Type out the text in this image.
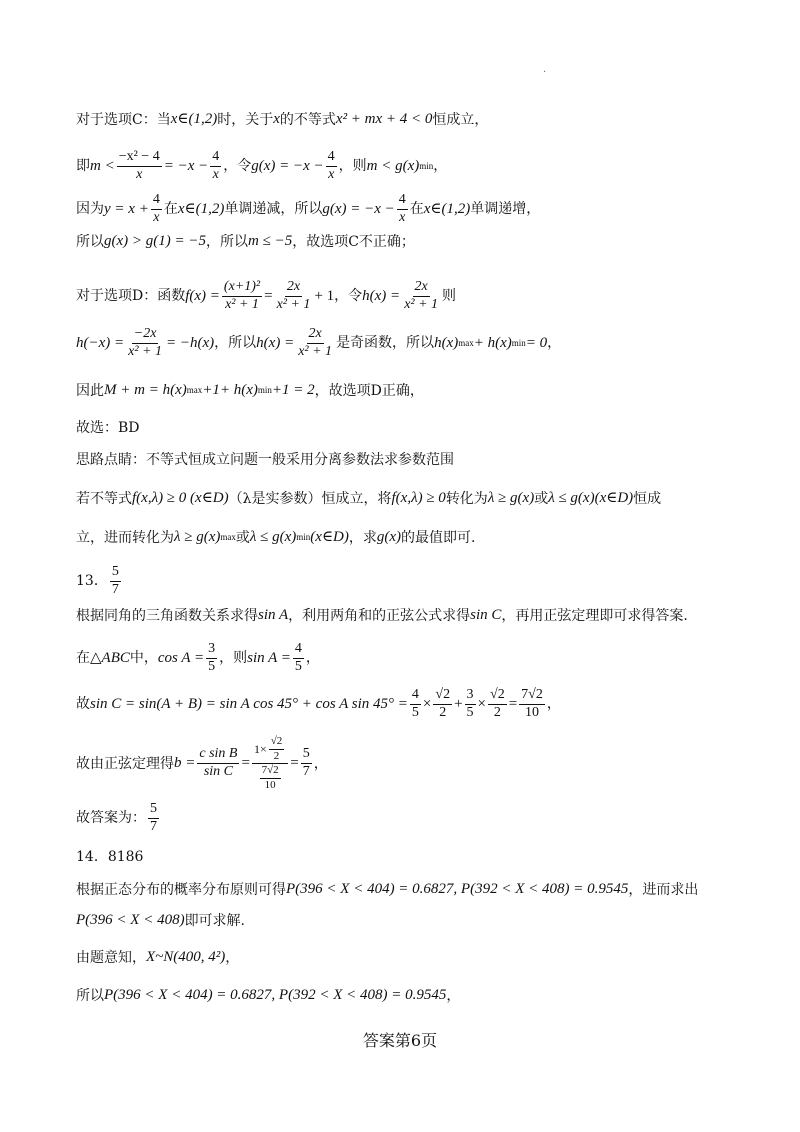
.
对于选项C：当 x∈(1,2) 时，关于 x 的不等式 x² + mx + 4 < 0 恒成立，
即 $m < \frac{\text{−x² − 4}}{x} = -x - \frac{4}{x}$ ，令 $g(x) = -x - \frac{4}{x}$ ，则 m < g(x) min ，
因为 $y = x + \frac{4}{x}$ 在 x∈(1,2) 单调递减，所以 $g(x) = -x - \frac{4}{x}$ 在 x∈(1,2) 单调递增，
所以 g(x) > g(1) = −5 ，所以 m ≤ −5 ，故选项C不正确；
对于选项D：函数 $f(x) = \frac{\text{(x+1)²}}{\text{x² + 1}} = \frac{2x}{\text{x² + 1}} + 1$ ，令 $h(x) = \frac{2x}{\text{x² + 1}}$ 则
$h(-x) = \frac{-2x}{\text{x² + 1}} = -h(x)$ ，所以 $h(x) = \frac{2x}{\text{x² + 1}}$ 是奇函数，所以 h(x) max + h(x) min = 0 ，
因此 M + m = h(x) max +1+ h(x) min +1 = 2 ，故选项D正确，
故选：BD
思路点睛：不等式恒成立问题一般采用分离参数法求参数范围
若不等式 f(x,λ) ≥ 0 (x∈D) （λ是实参数）恒成立，将 f(x,λ) ≥ 0 转化为 λ ≥ g(x) 或 λ ≤ g(x)(x∈D) 恒成
立，进而转化为 λ ≥ g(x) max 或 λ ≤ g(x) min (x∈D) ，求 g(x) 的最值即可.
13． $\frac{5}{7}$
根据同角的三角函数关系求得 sin A ，利用两角和的正弦公式求得 sin C ，再用正弦定理即可求得答案.
在 △ABC 中， $\cos A = \frac{3}{5}$ ，则 $\sin A = \frac{4}{5}$ ，
故 sin C = sin(A + B) = sin A cos 45° + cos A $\sin 45^\circ = \frac{4}{5} \times \frac{√2}{2} + \frac{3}{5} \times \frac{√2}{2} = \frac{7√2}{10}$ ，
故由正弦定理得 $b = \frac{\text{c sin B}}{\text{sin C}} = \frac{1\times \frac{√2}{2}}{\frac{7√2}{10}} = \frac{5}{7}$ ，
故答案为： $\frac{5}{7}$
14．8186
根据正态分布的概率分布原则可得 P(396 < X < 404) = 0.6827, P(392 < X < 408) = 0.9545 ，进而求出
P(396 < X < 408) 即可求解.
由题意知， X~N(400, 4²) ，
所以 P(396 < X < 404) = 0.6827, P(392 < X < 408) = 0.9545 ，
答案第6页
